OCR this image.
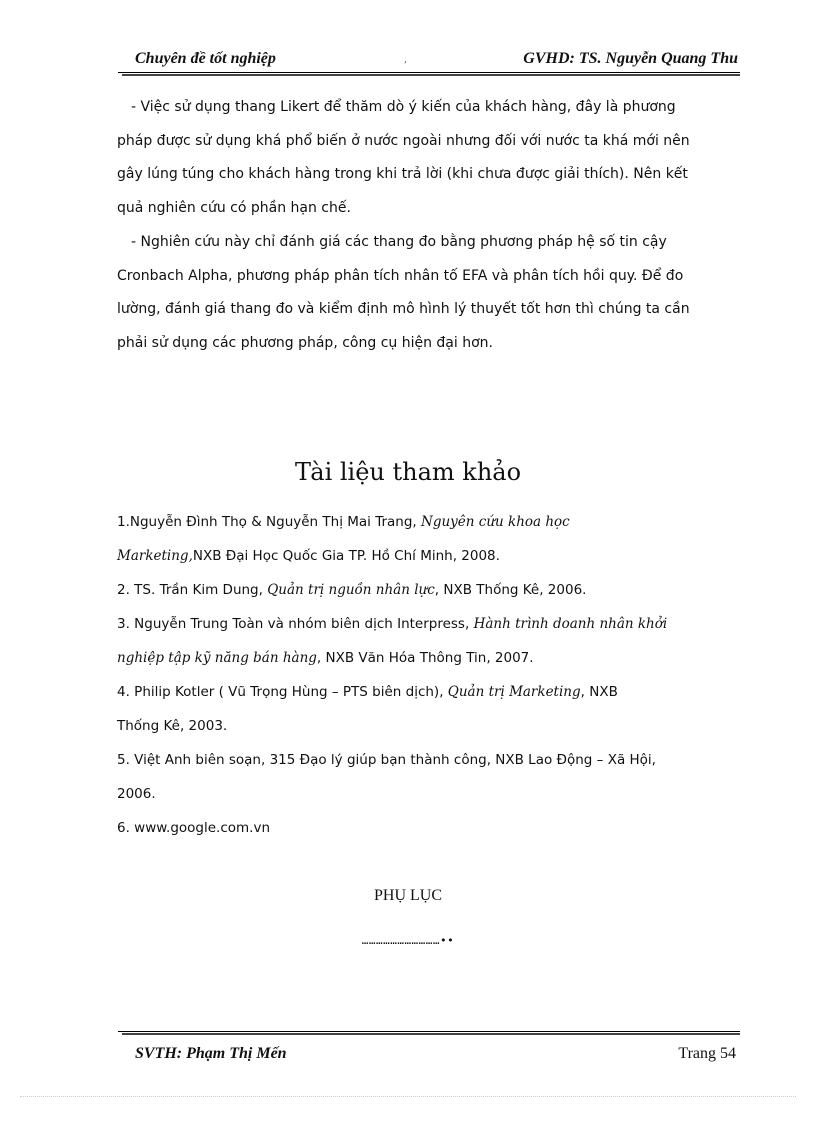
Chuyên đề tốt nghiệp	,	GVHD: TS. Nguyễn Quang Thu
- Việc sử dụng thang Likert để thăm dò ý kiến của khách hàng, đây là phương
pháp được sử dụng khá phổ biến ở nước ngoài nhưng đối với nước ta khá mới nên
gây lúng túng cho khách hàng trong khi trả lời (khi chưa được giải thích). Nên kết
quả nghiên cứu có phần hạn chế.
- Nghiên cứu này chỉ đánh giá các thang đo bằng phương pháp hệ số tin cậy
Cronbach Alpha, phương pháp phân tích nhân tố EFA và phân tích hồi quy. Để đo
lường, đánh giá thang đo và kiểm định mô hình lý thuyết tốt hơn thì chúng ta cần
phải sử dụng các phương pháp, công cụ hiện đại hơn.
Tài liệu tham khảo
1.Nguyễn Đình Thọ & Nguyễn Thị Mai Trang, Nguyên cứu khoa học
Marketing,NXB Đại Học Quốc Gia TP. Hồ Chí Minh, 2008.
2. TS. Trần Kim Dung, Quản trị nguồn nhân lực, NXB Thống Kê, 2006.
3. Nguyễn Trung Toàn và nhóm biên dịch Interpress, Hành trình doanh nhân khởi
nghiệp tập kỹ năng bán hàng, NXB Văn Hóa Thông Tin, 2007.
4. Philip Kotler ( Vũ Trọng Hùng – PTS biên dịch), Quản trị Marketing, NXB
Thống Kê, 2003.
5. Việt Anh biên soạn, 315 Đạo lý giúp bạn thành công, NXB Lao Động – Xã Hội,
2006.
6. www.google.com.vn
PHỤ LỤC
……………………………••
SVTH: Phạm Thị Mến	Trang 54
